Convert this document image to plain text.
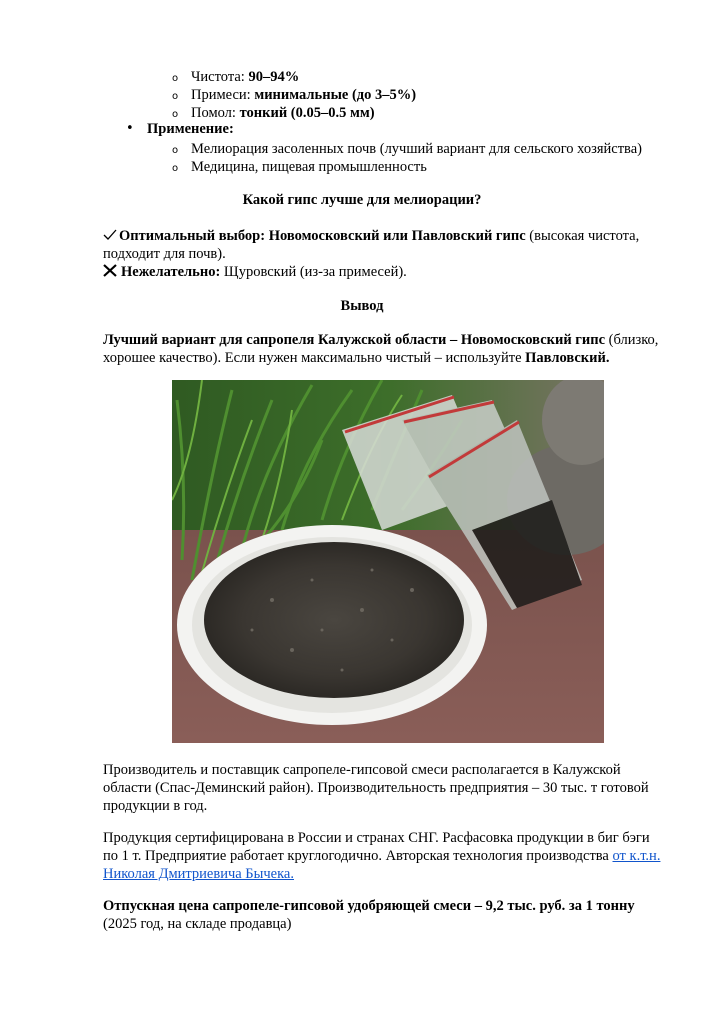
o Чистота: 90–94%
o Примеси: минимальные (до 3–5%)
o Помол: тонкий (0.05–0.5 мм)
• Применение:
o Мелиорация засоленных почв (лучший вариант для сельского хозяйства)
o Медицина, пищевая промышленность
Какой гипс лучше для мелиорации?
Оптимальный выбор: Новомосковский или Павловский гипс (высокая чистота,
подходит для почв).
Нежелательно: Щуровский (из-за примесей).
Вывод
Лучший вариант для сапропеля Калужской области – Новомосковский гипс (близко,
хорошее качество). Если нужен максимально чистый – используйте Павловский.
Производитель и поставщик сапропеле-гипсовой смеси располагается в Калужской
области (Спас-Деминский район). Производительность предприятия – 30 тыс. т готовой
продукции в год.
Продукция сертифицирована в России и странах СНГ. Расфасовка продукции в биг бэги
по 1 т. Предприятие работает круглогодично. Авторская технология производства от к.т.н.
Николая Дмитриевича Бычека.
Отпускная цена сапропеле-гипсовой удобряющей смеси – 9,2 тыс. руб. за 1 тонну
(2025 год, на складе продавца)
